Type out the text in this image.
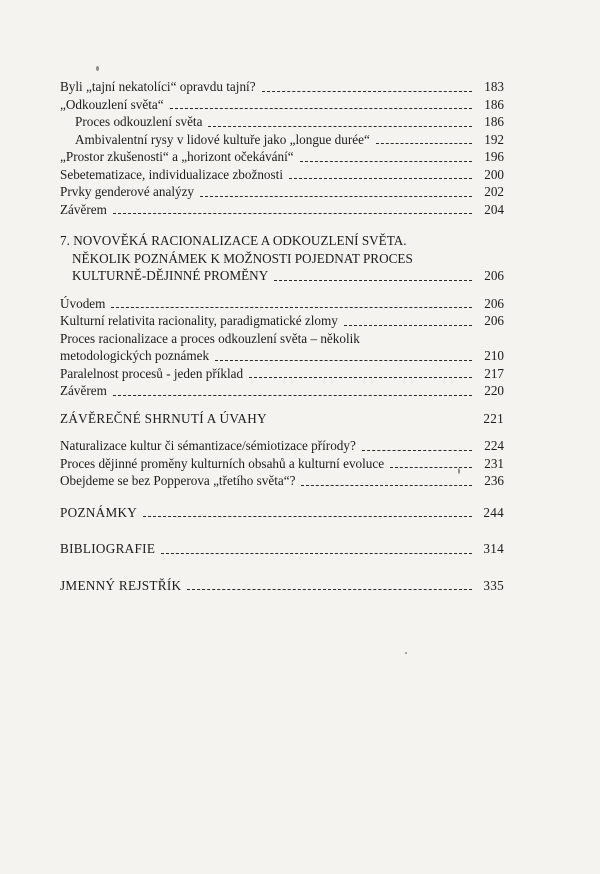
Byli „tajní nekatolíci“ opravdu tajní?	183
„Odkouzlení světa“	186
Proces odkouzlení světa	186
Ambivalentní rysy v lidové kultuře jako „longue durée“	192
„Prostor zkušenosti“ a „horizont očekávání“	196
Sebetematizace, individualizace zbožnosti	200
Prvky genderové analýzy	202
Závěrem	204
7. NOVOVĚKÁ RACIONALIZACE A ODKOUZLENÍ SVĚTA.
NĚKOLIK POZNÁMEK K MOŽNOSTI POJEDNAT PROCES
KULTURNĚ-DĚJINNÉ PROMĚNY	206
Úvodem	206
Kulturní relativita racionality, paradigmatické zlomy	206
Proces racionalizace a proces odkouzlení světa – několik
metodologických poznámek	210
Paralelnost procesů - jeden příklad	217
Závěrem	220
ZÁVĚREČNÉ SHRNUTÍ A ÚVAHY	221
Naturalizace kultur či sémantizace/sémiotizace přírody?	224
Proces dějinné proměny kulturních obsahů a kulturní evoluce	231
Obejdeme se bez Popperova „třetího světa“?	236
POZNÁMKY	244
BIBLIOGRAFIE	314
JMENNÝ REJSTŘÍK	335
